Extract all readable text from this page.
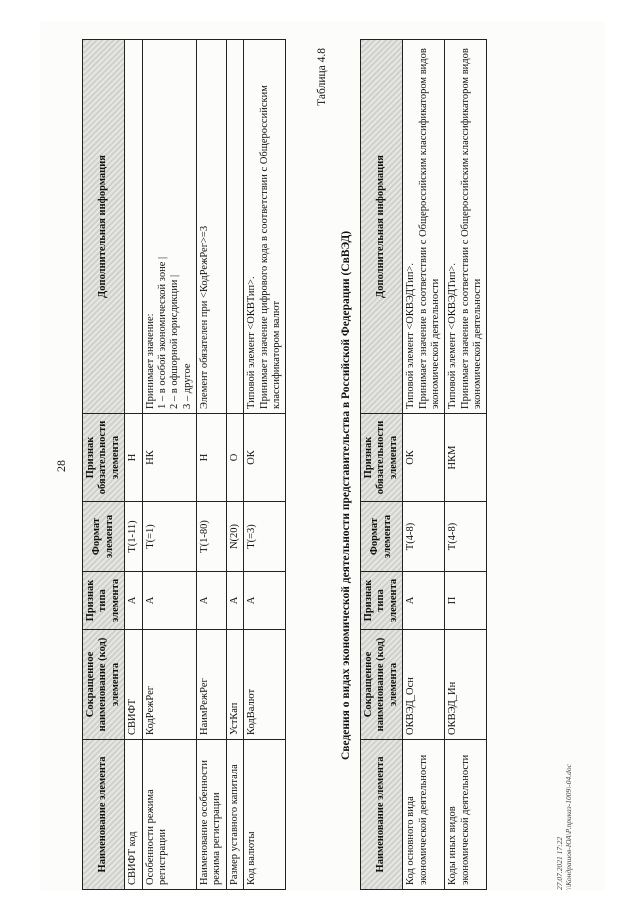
28
Наименование элемента	Сокращенное наименование (код) элемента	Признак типа элемента	Формат элемента	Признак обязательности элемента	Дополнительная информация
СВИФТ код	СВИФТ	А	T(1-11)	Н	
Особенности режима регистрации	КодРежРег	А	T(=1)	НК	Принимает значение: 1 – в особой экономической зоне | 2 – в офшорной юрисдикции | 3 – другое

Наименование особенности режима регистрации	НаимРежРег	А	T(1-80)	Н	Элемент обязателен при <КодРежРег>=3

Размер уставного капитала	УстКап	А	N(20)	О	
Код валюты	КодВалют	А	T(=3)	ОК	Типовой элемент <ОКВТип>. Принимает значение цифрового кода в соответствии с Общероссийским классификатором валют
Таблица 4.8
Сведения о видах экономической деятельности представительства в Российской Федерации (СвВЭД)
Наименование элемента	Сокращенное наименование (код) элемента	Признак типа элемента	Формат элемента	Признак обязательности элемента	Дополнительная информация
Код основного вида экономической деятельности	ОКВЭД_Осн	А	T(4-8)	ОК	Типовой элемент <ОКВЭДТип>. Принимает значение в соответствии с Общероссийским классификатором видов экономической деятельности

Коды иных видов экономической деятельности	ОКВЭД_Ин	П	T(4-8)	НКМ	Типовой элемент <ОКВЭДТип>. Принимает значение в соответствии с Общероссийским классификатором видов экономической деятельности
27.07.2021 17:22 \\Кондрашов-ЮА\Р.приказ-1009\-04.doc
